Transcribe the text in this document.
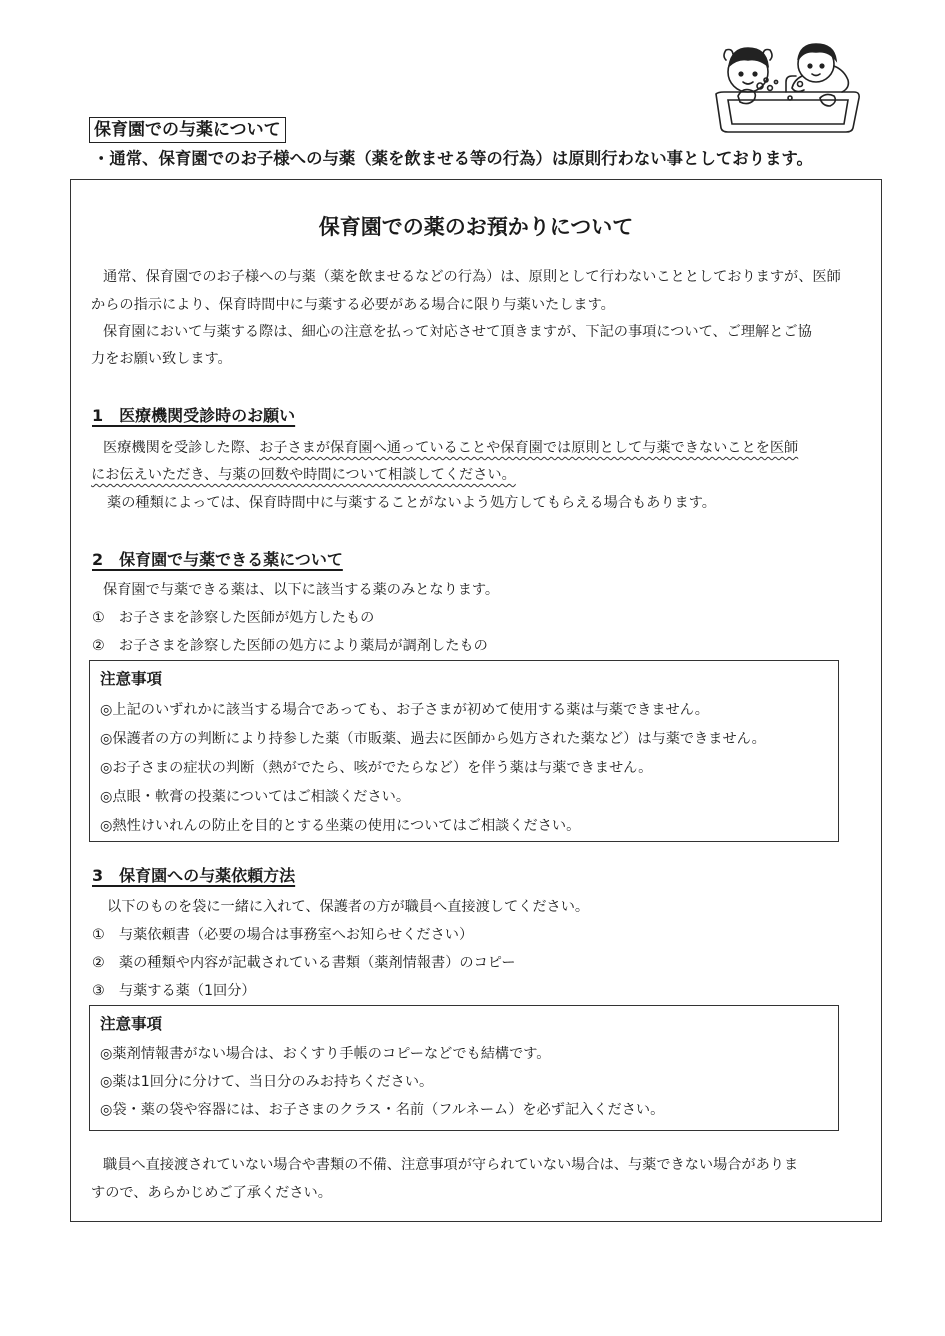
保育園での与薬について
・通常、保育園でのお子様への与薬（薬を飲ませる等の行為）は原則行わない事としております。
保育園での薬のお預かりについて
通常、保育園でのお子様への与薬（薬を飲ませるなどの行為）は、原則として行わないこととしておりますが、医師
からの指示により、保育時間中に与薬する必要がある場合に限り与薬いたします。
保育園において与薬する際は、細心の注意を払って対応させて頂きますが、下記の事項について、ご理解とご協
力をお願い致します。
1　医療機関受診時のお願い
医療機関を受診した際、お子さまが保育園へ通っていることや保育園では原則として与薬できないことを医師
にお伝えいただき、与薬の回数や時間について相談してください。
薬の種類によっては、保育時間中に与薬することがないよう処方してもらえる場合もあります。
2　保育園で与薬できる薬について
保育園で与薬できる薬は、以下に該当する薬のみとなります。
①　お子さまを診察した医師が処方したもの
②　お子さまを診察した医師の処方により薬局が調剤したもの
注意事項
◎上記のいずれかに該当する場合であっても、お子さまが初めて使用する薬は与薬できません。
◎保護者の方の判断により持参した薬（市販薬、過去に医師から処方された薬など）は与薬できません。
◎お子さまの症状の判断（熱がでたら、咳がでたらなど）を伴う薬は与薬できません。
◎点眼・軟膏の投薬についてはご相談ください。
◎熱性けいれんの防止を目的とする坐薬の使用についてはご相談ください。
3　保育園への与薬依頼方法
以下のものを袋に一緒に入れて、保護者の方が職員へ直接渡してください。
①　与薬依頼書（必要の場合は事務室へお知らせください）
②　薬の種類や内容が記載されている書類（薬剤情報書）のコピー
③　与薬する薬（1回分）
注意事項
◎薬剤情報書がない場合は、おくすり手帳のコピーなどでも結構です。
◎薬は1回分に分けて、当日分のみお持ちください。
◎袋・薬の袋や容器には、お子さまのクラス・名前（フルネーム）を必ず記入ください。
職員へ直接渡されていない場合や書類の不備、注意事項が守られていない場合は、与薬できない場合がありま
すので、あらかじめご了承ください。
